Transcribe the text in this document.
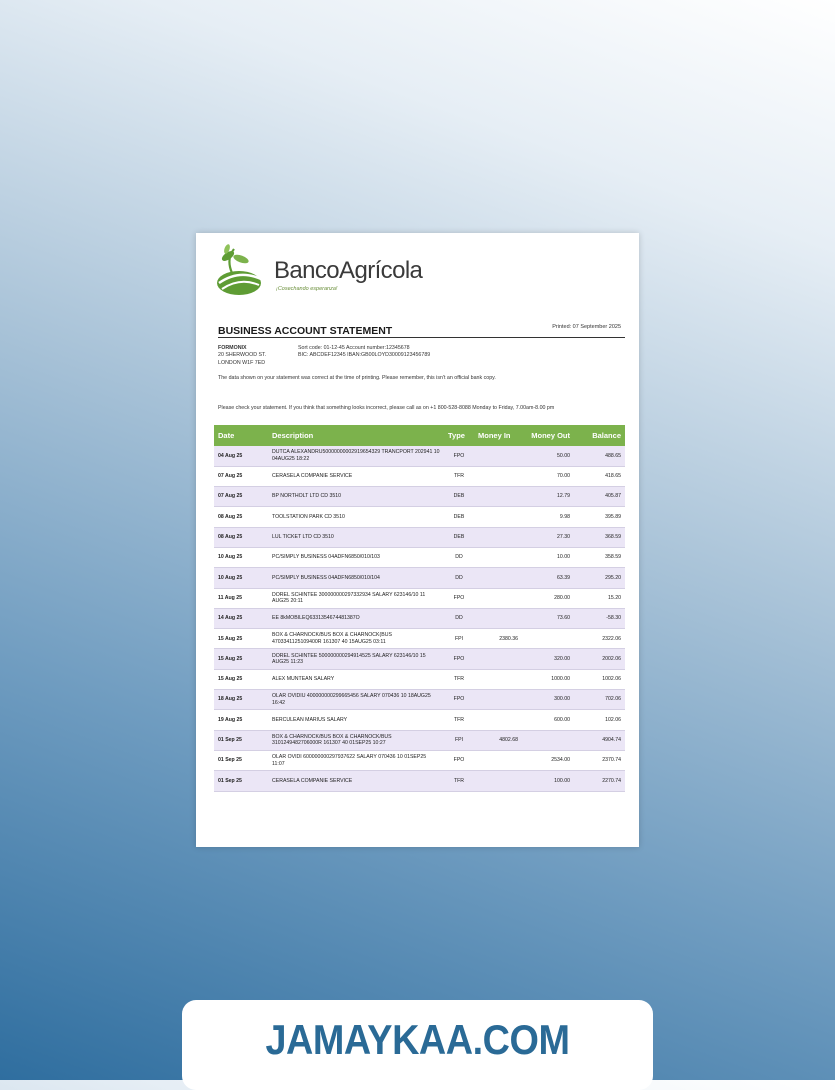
BancoAgrícola
¡Cosechando esperanza!
BUSINESS ACCOUNT STATEMENT	Printed: 07 September 2025
FORMONIX
20 SHERWOOD ST.
LONDON W1F 7ED
Sort code: 01-12-45 Account number:12345678
BIC: ABCDEF12345 IBAN:GB00LOYD30009123456789
The data shown on your statement was correct at the time of printing. Please remember, this isn't an official bank copy.
Please check your statement. If you think that something looks incorrect, please call as on +1 800-528-8088 Monday to Friday, 7.00am-8.00 pm
Date	Description	Type	Money In	Money Out	Balance
04 Aug 25	DUTCA ALEXANDRU50000000002919654329 TRANCPORT 202941 10 04AUG25 18:22	FPO		50.00	488.65
07 Aug 25	CERASELA COMPANIE SERVICE	TFR		70.00	418.65
07 Aug 25	BP NORTHOLT LTD CD 3510	DEB		12.79	405.87
08 Aug 25	TOOLSTATION PARK CD 3510	DEB		9.98	395.89
08 Aug 25	LUL TICKET LTD CD 3510	DEB		27.30	368.59
10 Aug 25	PC/SIMPLY BUSINESS 04ADFN6850/010/103	DD		10.00	358.59
10 Aug 25	PC/SIMPLY BUSINESS 04ADFN6850/010/104	DD		63.39	295.20
11 Aug 25	DOREL SCHINTEE 300000000297332934 SALARY 623146/10 11 AUG25 20:11	FPO		280.00	15.20
14 Aug 25	EE 8kMOBILEQ6331354674481387O	DD		73.60	-58.30
15 Aug 25	BOX & CHARNOCK/BUS BOX & CHARNOCK(BUS 4703341125109400R 161307 40 15AUG25 03:11	FPI	2380.36		2322.06
15 Aug 25	DOREL SCHINTEE 500000000294914525 SALARY 623146/10 15 AUG25 11:23	FPO		320.00	2002.06
15 Aug 25	ALEX MUNTEAN SALARY	TFR		1000.00	1002.06
18 Aug 25	OLAR OVIDIU 400000000299665456 SALARY 070436 10 18AUG25 16:42	FPO		300.00	702.06
19 Aug 25	BERCULEAN MARIUS SALARY	TFR		600.00	102.06
01 Sep 25	BOX & CHARNOCK/BUS BOX & CHARNOCK/BUS 3101249482706000R 161307 40 01SEP25 10:27	FPI	4802.68		4904.74
01 Sep 25	OLAR OVIDI 600000000297937622 SALARY 070436 10 01SEP25 11:07	FPO		2534.00	2370.74
01 Sep 25	CERASELA COMPANIE SERVICE	TFR		100.00	2270.74
JAMAYKAA.COM
